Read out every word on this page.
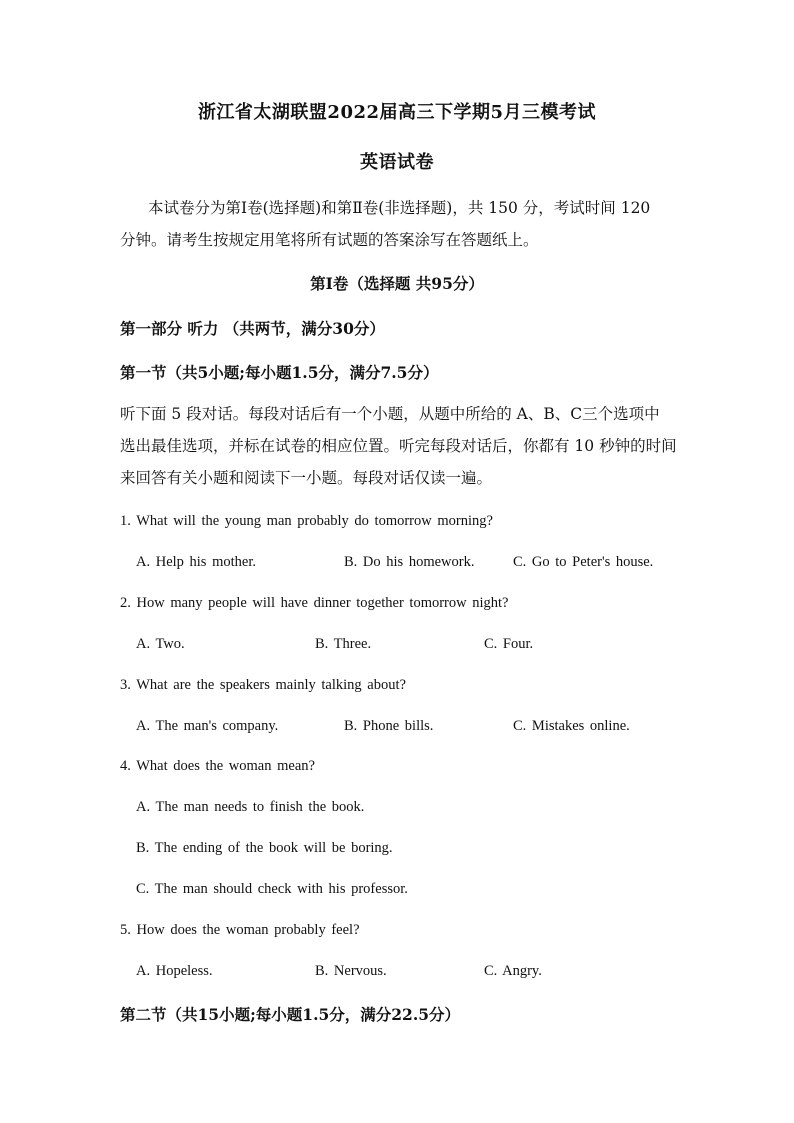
浙江省太湖联盟2022届高三下学期5月三模考试
英语试卷
本试卷分为第Ⅰ卷(选择题)和第Ⅱ卷(非选择题)，共 150 分，考试时间 120
分钟。请考生按规定用笔将所有试题的答案涂写在答题纸上。
第Ⅰ卷（选择题 共95分）
第一部分 听力 （共两节，满分30分）
第一节（共5小题;每小题1.5分，满分7.5分）
听下面 5 段对话。每段对话后有一个小题，从题中所给的 A、B、C三个选项中
选出最佳选项，并标在试卷的相应位置。听完每段对话后，你都有 10 秒钟的时间
来回答有关小题和阅读下一小题。每段对话仅读一遍。
1. What will the young man probably do tomorrow morning?
A. Help his mother.	B. Do his homework.	C. Go to Peter's house.
2. How many people will have dinner together tomorrow night?
A. Two.	B. Three.	C. Four.
3. What are the speakers mainly talking about?
A. The man's company.	B. Phone bills.	C. Mistakes online.
4. What does the woman mean?
A. The man needs to finish the book.
B. The ending of the book will be boring.
C. The man should check with his professor.
5. How does the woman probably feel?
A. Hopeless.	B. Nervous.	C. Angry.
第二节（共15小题;每小题1.5分，满分22.5分）
